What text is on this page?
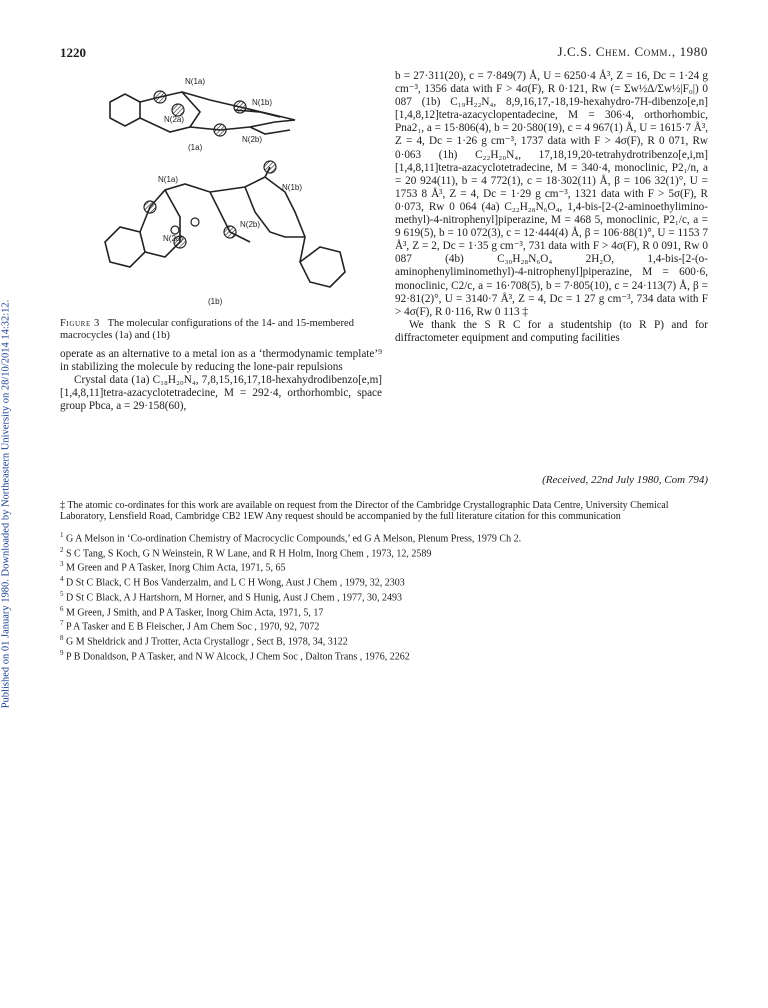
1220	J.C.S. Chem. Comm., 1980
Published on 01 January 1980. Downloaded by Northeastern University on 28/10/2014 14:32:12.
N(1a)
N(1b)
N(2a)
N(2b)
(1a)
N(1a)
N(1b)
N(2a)
N(2b)
(1b)
Figure 3 The molecular configurations of the 14- and 15-membered macrocycles (1a) and (1b)

operate as an alternative to a metal ion as a ‘thermodynamic template’⁹ in stabilizing the molecule by reducing the lone-pair repulsions

Crystal data (1a) C₁₈H₂₀N₄, 7,8,15,16,17,18-hexahydrodibenzo[e,m][1,4,8,11]tetra-azacyclotetradecine, M = 292·4, orthorhombic, space group Pbca, a = 29·158(60),

b = 27·311(20), c = 7·849(7) Å, U = 6250·4 Å³, Z = 16, Dc = 1·24 g cm⁻³, 1356 data with F > 4σ(F), R 0·121, Rw (= Σw½Δ/Σw½|F₀|) 0 087 (1b) C₁₉H₂₂N₄, 8,9,16,17,-18,19-hexahydro-7H-dibenzo[e,n][1,4,8,12]tetra-azacyclopentadecine, M = 306·4, orthorhombic, Pna2₁, a = 15·806(4), b = 20·580(19), c = 4 967(1) Å, U = 1615·7 Å³, Z = 4, Dc = 1·26 g cm⁻³, 1737 data with F > 4σ(F), R 0 071, Rw 0·063 (1h) C₂₂H₂₀N₄, 17,18,19,20-tetrahydrotribenzo[e,i,m][1,4,8,11]tetra-azacyclotetradecine, M = 340·4, monoclinic, P2₁/n, a = 20 924(11), b = 4 772(1), c = 18·302(11) Å, β = 106 32(1)°, U = 1753 8 Å³, Z = 4, Dc = 1·29 g cm⁻³, 1321 data with F > 5σ(F), R 0·073, Rw 0 064 (4a) C₂₂H₂₈N₆O₄, 1,4-bis-[2-(2-aminoethylimino-methyl)-4-nitrophenyl]piperazine, M = 468 5, monoclinic, P2₁/c, a = 9 619(5), b = 10 072(3), c = 12·444(4) Å, β = 106·88(1)°, U = 1153 7 Å³, Z = 2, Dc = 1·35 g cm⁻³, 731 data with F > 4σ(F), R 0 091, Rw 0 087 (4b) C₃₀H₂₈N₆O₄ 2H₂O, 1,4-bis-[2-(o-aminophenyliminomethyl)-4-nitrophenyl]piperazine, M = 600·6, monoclinic, C2/c, a = 16·708(5), b = 7·805(10), c = 24·113(7) Å, β = 92·81(2)°, U = 3140·7 Å³, Z = 4, Dc = 1 27 g cm⁻³, 734 data with F > 4σ(F), R 0·116, Rw 0 113 ‡

We thank the S R C for a studentship (to R P) and for diffractometer equipment and computing facilities

(Received, 22nd July 1980, Com 794)
‡ The atomic co-ordinates for this work are available on request from the Director of the Cambridge Crystallographic Data Centre, University Chemical Laboratory, Lensfield Road, Cambridge CB2 1EW Any request should be accompanied by the full literature citation for this communication
$^1$ G A Melson in ‘Co-ordination Chemistry of Macrocyclic Compounds,’ ed G A Melson, Plenum Press, 1979 Ch 2.
$^2$ S C Tang, S Koch, G N Weinstein, R W Lane, and R H Holm, Inorg Chem , 1973, 12, 2589
$^3$ M Green and P A Tasker, Inorg Chim Acta, 1971, 5, 65
$^4$ D St C Black, C H Bos Vanderzalm, and L C H Wong, Aust J Chem , 1979, 32, 2303
$^5$ D St C Black, A J Hartshorn, M Horner, and S Hunig, Aust J Chem , 1977, 30, 2493
$^6$ M Green, J Smith, and P A Tasker, Inorg Chim Acta, 1971, 5, 17
$^7$ P A Tasker and E B Fleischer, J Am Chem Soc , 1970, 92, 7072
$^8$ G M Sheldrick and J Trotter, Acta Crystallogr , Sect B, 1978, 34, 3122
$^9$ P B Donaldson, P A Tasker, and N W Alcock, J Chem Soc , Dalton Trans , 1976, 2262
